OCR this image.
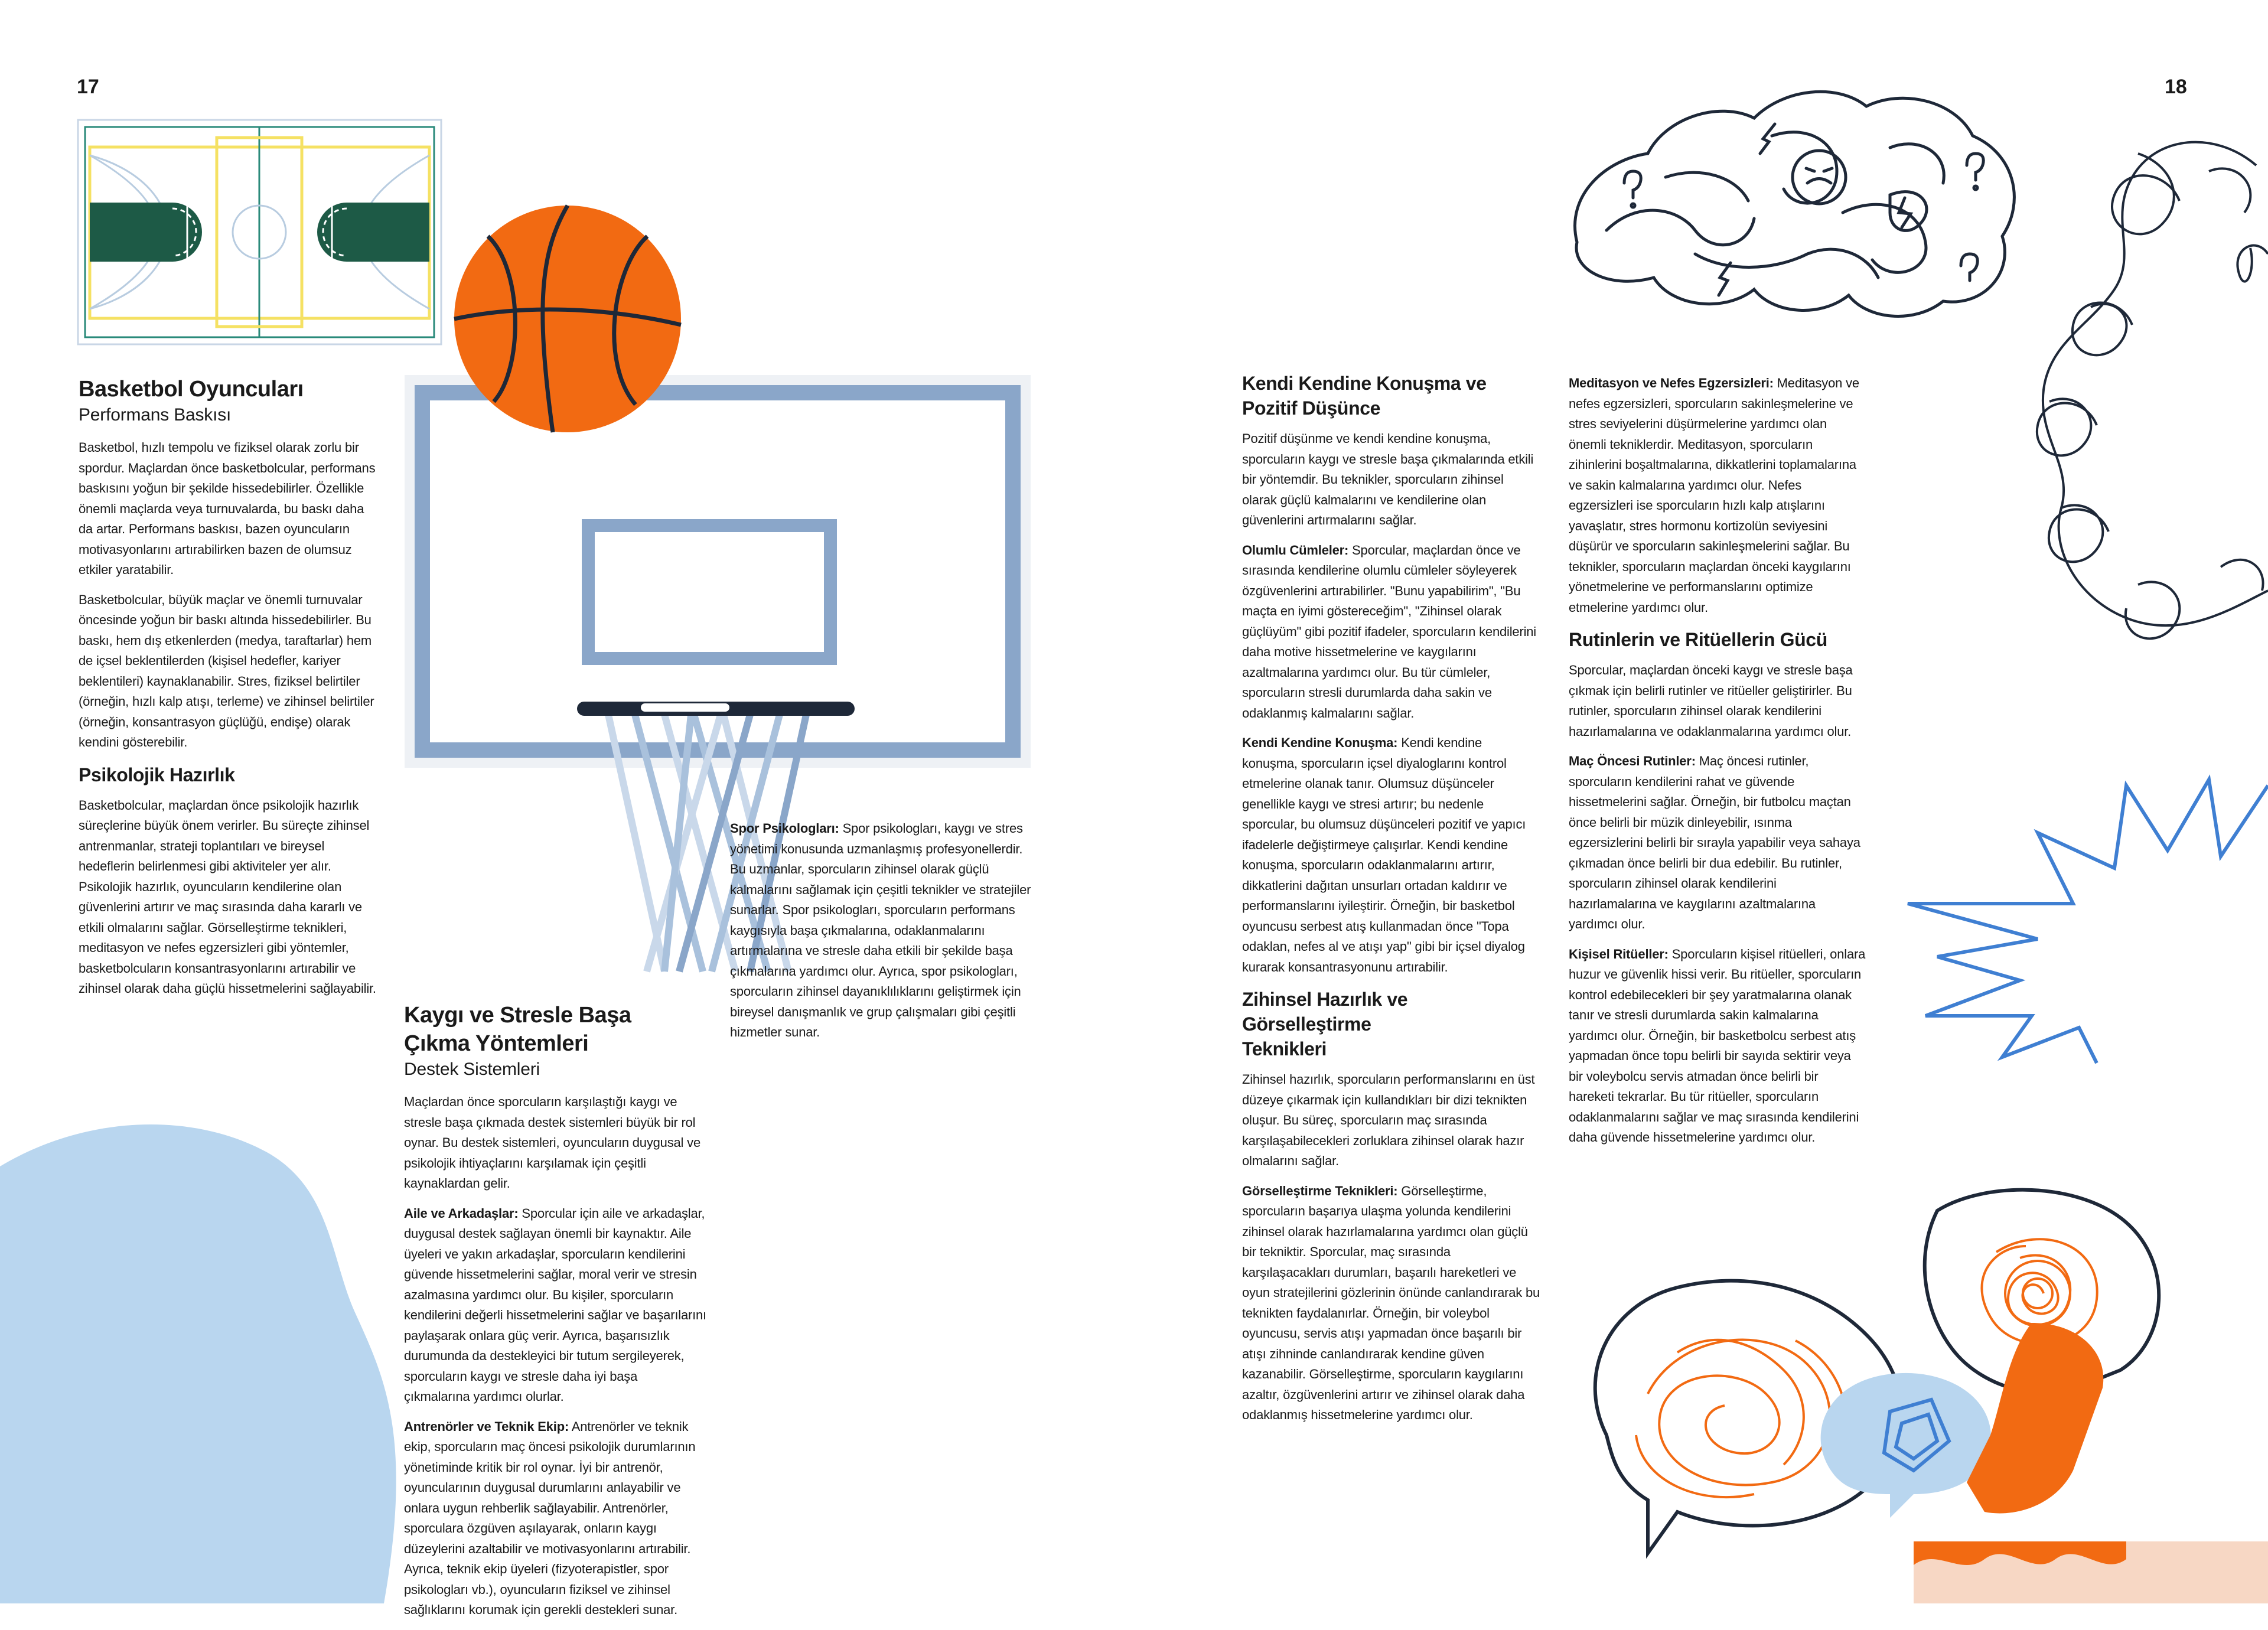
17	18
Basketbol Oyuncuları
Performans Baskısı

Basketbol, hızlı tempolu ve fiziksel olarak zorlu bir spordur. Maçlardan önce basketbolcular, performans baskısını yoğun bir şekilde hissedebilirler. Özellikle önemli maçlarda veya turnuvalarda, bu baskı daha da artar. Performans baskısı, bazen oyuncuların motivasyonlarını artırabilirken bazen de olumsuz etkiler yaratabilir.

Basketbolcular, büyük maçlar ve önemli turnuvalar öncesinde yoğun bir baskı altında hissedebilirler. Bu baskı, hem dış etkenlerden (medya, taraftarlar) hem de içsel beklentilerden (kişisel hedefler, kariyer beklentileri) kaynaklanabilir. Stres, fiziksel belirtiler (örneğin, hızlı kalp atışı, terleme) ve zihinsel belirtiler (örneğin, konsantrasyon güçlüğü, endişe) olarak kendini gösterebilir.

Psikolojik Hazırlık

Basketbolcular, maçlardan önce psikolojik hazırlık süreçlerine büyük önem verirler. Bu süreçte zihinsel antrenmanlar, strateji toplantıları ve bireysel hedeflerin belirlenmesi gibi aktiviteler yer alır. Psikolojik hazırlık, oyuncuların kendilerine olan güvenlerini artırır ve maç sırasında daha kararlı ve etkili olmalarını sağlar. Görselleştirme teknikleri, meditasyon ve nefes egzersizleri gibi yöntemler, basketbolcuların konsantrasyonlarını artırabilir ve zihinsel olarak daha güçlü hissetmelerini sağlayabilir.

Kaygı ve Stresle Başa
Çıkma Yöntemleri
Destek Sistemleri

Maçlardan önce sporcuların karşılaştığı kaygı ve stresle başa çıkmada destek sistemleri büyük bir rol oynar. Bu destek sistemleri, oyuncuların duygusal ve psikolojik ihtiyaçlarını karşılamak için çeşitli kaynaklardan gelir.

Aile ve Arkadaşlar: Sporcular için aile ve arkadaşlar, duygusal destek sağlayan önemli bir kaynaktır. Aile üyeleri ve yakın arkadaşlar, sporcuların kendilerini güvende hissetmelerini sağlar, moral verir ve stresin azalmasına yardımcı olur. Bu kişiler, sporcuların kendilerini değerli hissetmelerini sağlar ve başarılarını paylaşarak onlara güç verir. Ayrıca, başarısızlık durumunda da destekleyici bir tutum sergileyerek, sporcuların kaygı ve stresle daha iyi başa çıkmalarına yardımcı olurlar.

Antrenörler ve Teknik Ekip: Antrenörler ve teknik ekip, sporcuların maç öncesi psikolojik durumlarının yönetiminde kritik bir rol oynar. İyi bir antrenör, oyuncularının duygusal durumlarını anlayabilir ve onlara uygun rehberlik sağlayabilir. Antrenörler, sporculara özgüven aşılayarak, onların kaygı düzeylerini azaltabilir ve motivasyonlarını artırabilir. Ayrıca, teknik ekip üyeleri (fizyoterapistler, spor psikologları vb.), oyuncuların fiziksel ve zihinsel sağlıklarını korumak için gerekli destekleri sunar.

Spor Psikologları: Spor psikologları, kaygı ve stres yönetimi konusunda uzmanlaşmış profesyonellerdir. Bu uzmanlar, sporcuların zihinsel olarak güçlü kalmalarını sağlamak için çeşitli teknikler ve stratejiler sunarlar. Spor psikologları, sporcuların performans kaygısıyla başa çıkmalarına, odaklanmalarını artırmalarına ve stresle daha etkili bir şekilde başa çıkmalarına yardımcı olur. Ayrıca, spor psikologları, sporcuların zihinsel dayanıklılıklarını geliştirmek için bireysel danışmanlık ve grup çalışmaları gibi çeşitli hizmetler sunar.

Kendi Kendine Konuşma ve
Pozitif Düşünce

Pozitif düşünme ve kendi kendine konuşma, sporcuların kaygı ve stresle başa çıkmalarında etkili bir yöntemdir. Bu teknikler, sporcuların zihinsel olarak güçlü kalmalarını ve kendilerine olan güvenlerini artırmalarını sağlar.

Olumlu Cümleler: Sporcular, maçlardan önce ve sırasında kendilerine olumlu cümleler söyleyerek özgüvenlerini artırabilirler. "Bunu yapabilirim", "Bu maçta en iyimi göstereceğim", "Zihinsel olarak güçlüyüm" gibi pozitif ifadeler, sporcuların kendilerini daha motive hissetmelerine ve kaygılarını azaltmalarına yardımcı olur. Bu tür cümleler, sporcuların stresli durumlarda daha sakin ve odaklanmış kalmalarını sağlar.

Kendi Kendine Konuşma: Kendi kendine konuşma, sporcuların içsel diyaloglarını kontrol etmelerine olanak tanır. Olumsuz düşünceler genellikle kaygı ve stresi artırır; bu nedenle sporcular, bu olumsuz düşünceleri pozitif ve yapıcı ifadelerle değiştirmeye çalışırlar. Kendi kendine konuşma, sporcuların odaklanmalarını artırır, dikkatlerini dağıtan unsurları ortadan kaldırır ve performanslarını iyileştirir. Örneğin, bir basketbol oyuncusu serbest atış kullanmadan önce "Topa odaklan, nefes al ve atışı yap" gibi bir içsel diyalog kurarak konsantrasyonunu artırabilir.

Zihinsel Hazırlık ve Görselleştirme
Teknikleri

Zihinsel hazırlık, sporcuların performanslarını en üst düzeye çıkarmak için kullandıkları bir dizi teknikten oluşur. Bu süreç, sporcuların maç sırasında karşılaşabilecekleri zorluklara zihinsel olarak hazır olmalarını sağlar.

Görselleştirme Teknikleri: Görselleştirme, sporcuların başarıya ulaşma yolunda kendilerini zihinsel olarak hazırlamalarına yardımcı olan güçlü bir tekniktir. Sporcular, maç sırasında karşılaşacakları durumları, başarılı hareketleri ve oyun stratejilerini gözlerinin önünde canlandırarak bu teknikten faydalanırlar. Örneğin, bir voleybol oyuncusu, servis atışı yapmadan önce başarılı bir atışı zihninde canlandırarak kendine güven kazanabilir. Görselleştirme, sporcuların kaygılarını azaltır, özgüvenlerini artırır ve zihinsel olarak daha odaklanmış hissetmelerine yardımcı olur.

Meditasyon ve Nefes Egzersizleri: Meditasyon ve nefes egzersizleri, sporcuların sakinleşmelerine ve stres seviyelerini düşürmelerine yardımcı olan önemli tekniklerdir. Meditasyon, sporcuların zihinlerini boşaltmalarına, dikkatlerini toplamalarına ve sakin kalmalarına yardımcı olur. Nefes egzersizleri ise sporcuların hızlı kalp atışlarını yavaşlatır, stres hormonu kortizolün seviyesini düşürür ve sporcuların sakinleşmelerini sağlar. Bu teknikler, sporcuların maçlardan önceki kaygılarını yönetmelerine ve performanslarını optimize etmelerine yardımcı olur.

Rutinlerin ve Ritüellerin Gücü

Sporcular, maçlardan önceki kaygı ve stresle başa çıkmak için belirli rutinler ve ritüeller geliştirirler. Bu rutinler, sporcuların zihinsel olarak kendilerini hazırlamalarına ve odaklanmalarına yardımcı olur.

Maç Öncesi Rutinler: Maç öncesi rutinler, sporcuların kendilerini rahat ve güvende hissetmelerini sağlar. Örneğin, bir futbolcu maçtan önce belirli bir müzik dinleyebilir, ısınma egzersizlerini belirli bir sırayla yapabilir veya sahaya çıkmadan önce belirli bir dua edebilir. Bu rutinler, sporcuların zihinsel olarak kendilerini hazırlamalarına ve kaygılarını azaltmalarına yardımcı olur.

Kişisel Ritüeller: Sporcuların kişisel ritüelleri, onlara huzur ve güvenlik hissi verir. Bu ritüeller, sporcuların kontrol edebilecekleri bir şey yaratmalarına olanak tanır ve stresli durumlarda sakin kalmalarına yardımcı olur. Örneğin, bir basketbolcu serbest atış yapmadan önce topu belirli bir sayıda sektirir veya bir voleybolcu servis atmadan önce belirli bir hareketi tekrarlar. Bu tür ritüeller, sporcuların odaklanmalarını sağlar ve maç sırasında kendilerini daha güvende hissetmelerine yardımcı olur.
